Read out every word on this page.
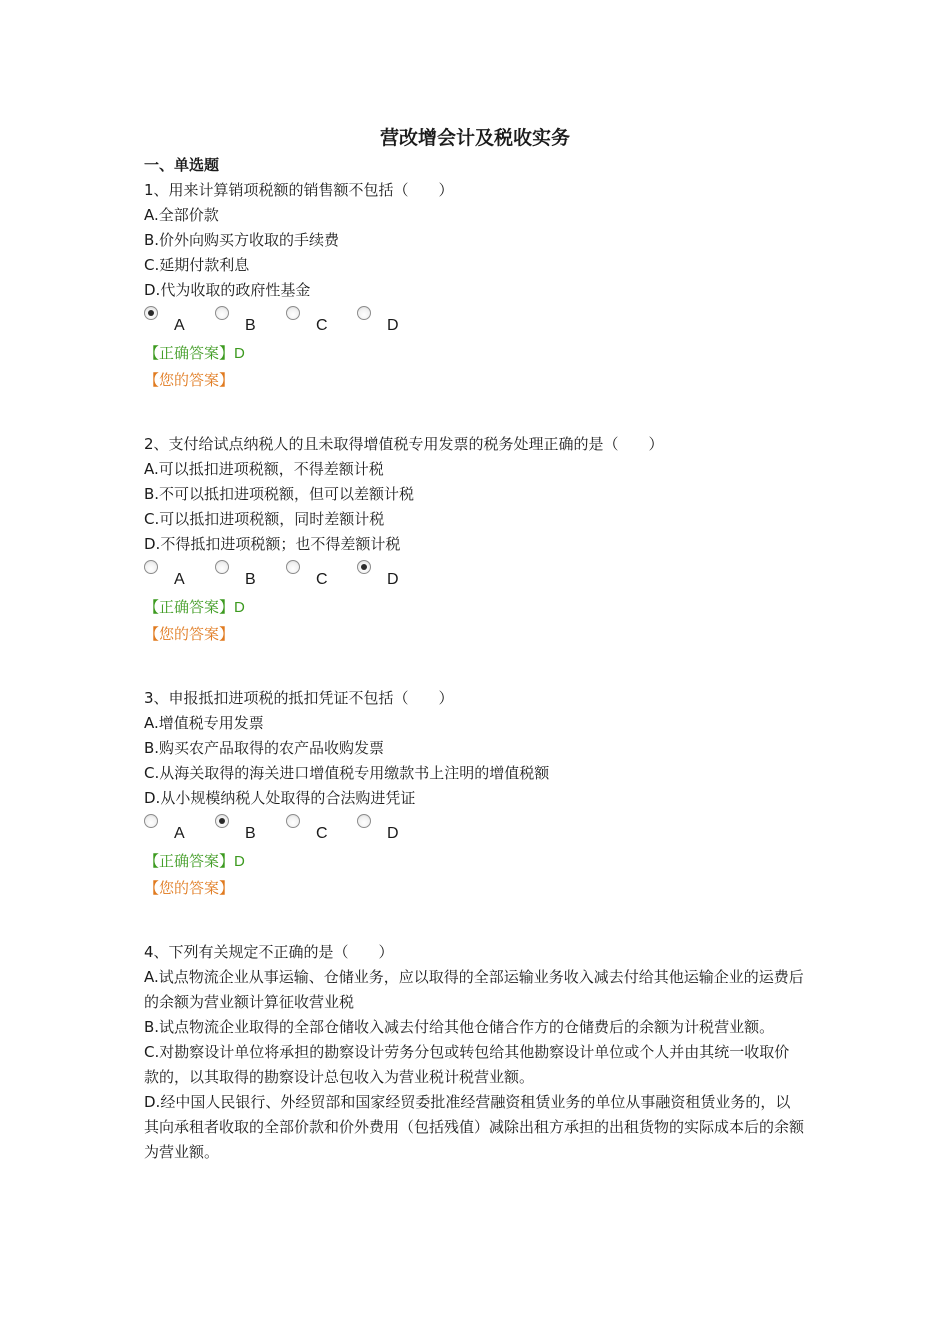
营改增会计及税收实务
一、单选题
1、用来计算销项税额的销售额不包括（　　）
A.全部价款
B.价外向购买方收取的手续费
C.延期付款利息
D.代为收取的政府性基金
A	B	C	D
【正确答案】D
【您的答案】
2、支付给试点纳税人的且未取得增值税专用发票的税务处理正确的是（　　）
A.可以抵扣进项税额，不得差额计税
B.不可以抵扣进项税额，但可以差额计税
C.可以抵扣进项税额，同时差额计税
D.不得抵扣进项税额；也不得差额计税
A	B	C	D
【正确答案】D
【您的答案】
3、申报抵扣进项税的抵扣凭证不包括（　　）
A.增值税专用发票
B.购买农产品取得的农产品收购发票
C.从海关取得的海关进口增值税专用缴款书上注明的增值税额
D.从小规模纳税人处取得的合法购进凭证
A	B	C	D
【正确答案】D
【您的答案】
4、下列有关规定不正确的是（　　）
A.试点物流企业从事运输、仓储业务，应以取得的全部运输业务收入减去付给其他运输企业的运费后的余额为营业额计算征收营业税
B.试点物流企业取得的全部仓储收入减去付给其他仓储合作方的仓储费后的余额为计税营业额。
C.对勘察设计单位将承担的勘察设计劳务分包或转包给其他勘察设计单位或个人并由其统一收取价款的，以其取得的勘察设计总包收入为营业税计税营业额。
D.经中国人民银行、外经贸部和国家经贸委批准经营融资租赁业务的单位从事融资租赁业务的，以其向承租者收取的全部价款和价外费用（包括残值）减除出租方承担的出租货物的实际成本后的余额为营业额。
